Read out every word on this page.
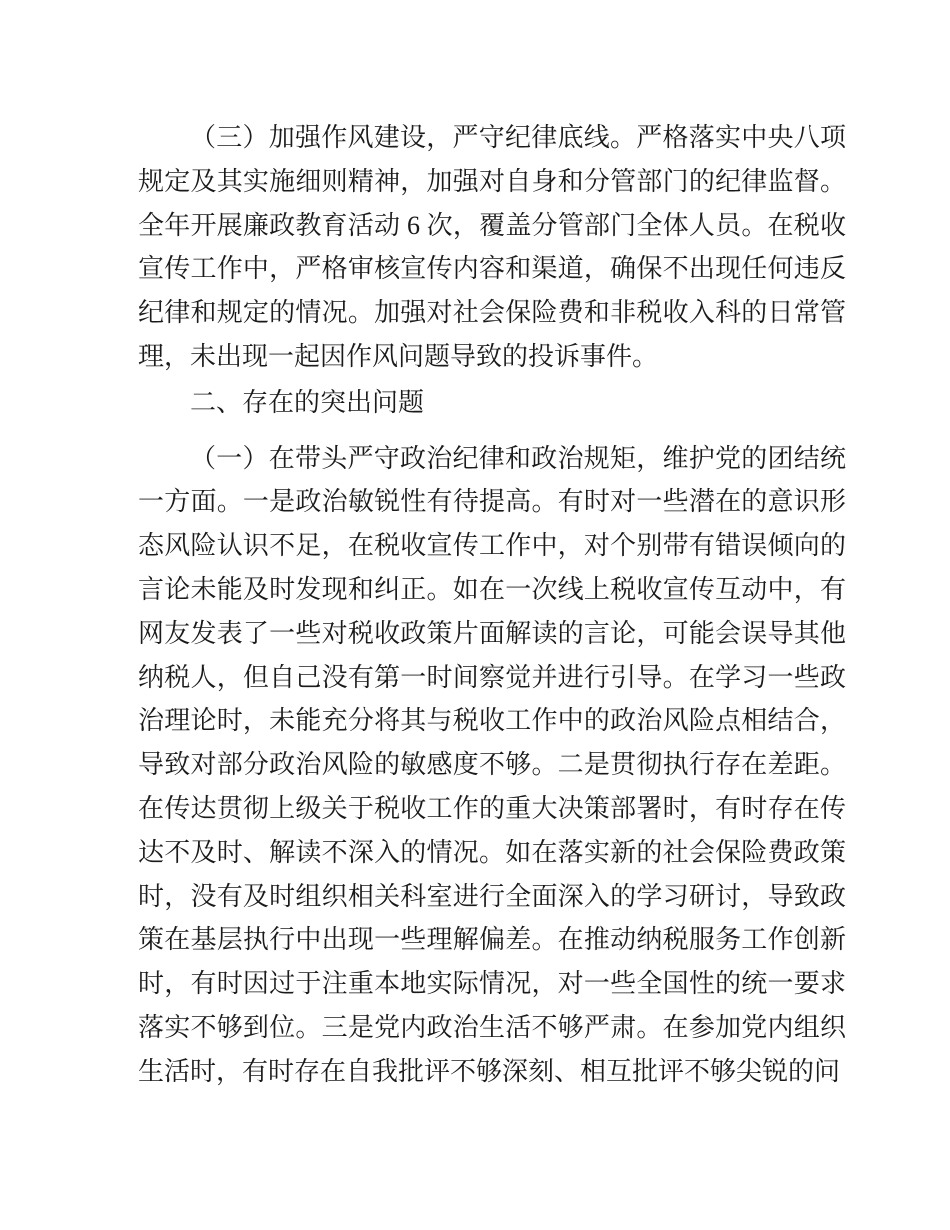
（三）加强作风建设，严守纪律底线。严格落实中央八项规定及其实施细则精神，加强对自身和分管部门的纪律监督。全年开展廉政教育活动 6 次，覆盖分管部门全体人员。在税收宣传工作中，严格审核宣传内容和渠道，确保不出现任何违反纪律和规定的情况。加强对社会保险费和非税收入科的日常管理，未出现一起因作风问题导致的投诉事件。

二、存在的突出问题

（一）在带头严守政治纪律和政治规矩，维护党的团结统一方面。一是政治敏锐性有待提高。有时对一些潜在的意识形态风险认识不足，在税收宣传工作中，对个别带有错误倾向的言论未能及时发现和纠正。如在一次线上税收宣传互动中，有网友发表了一些对税收政策片面解读的言论，可能会误导其他纳税人，但自己没有第一时间察觉并进行引导。在学习一些政治理论时，未能充分将其与税收工作中的政治风险点相结合，导致对部分政治风险的敏感度不够。二是贯彻执行存在差距。在传达贯彻上级关于税收工作的重大决策部署时，有时存在传达不及时、解读不深入的情况。如在落实新的社会保险费政策时，没有及时组织相关科室进行全面深入的学习研讨，导致政策在基层执行中出现一些理解偏差。在推动纳税服务工作创新时，有时因过于注重本地实际情况，对一些全国性的统一要求落实不够到位。三是党内政治生活不够严肃。在参加党内组织生活时，有时存在自我批评不够深刻、相互批评不够尖锐的问
